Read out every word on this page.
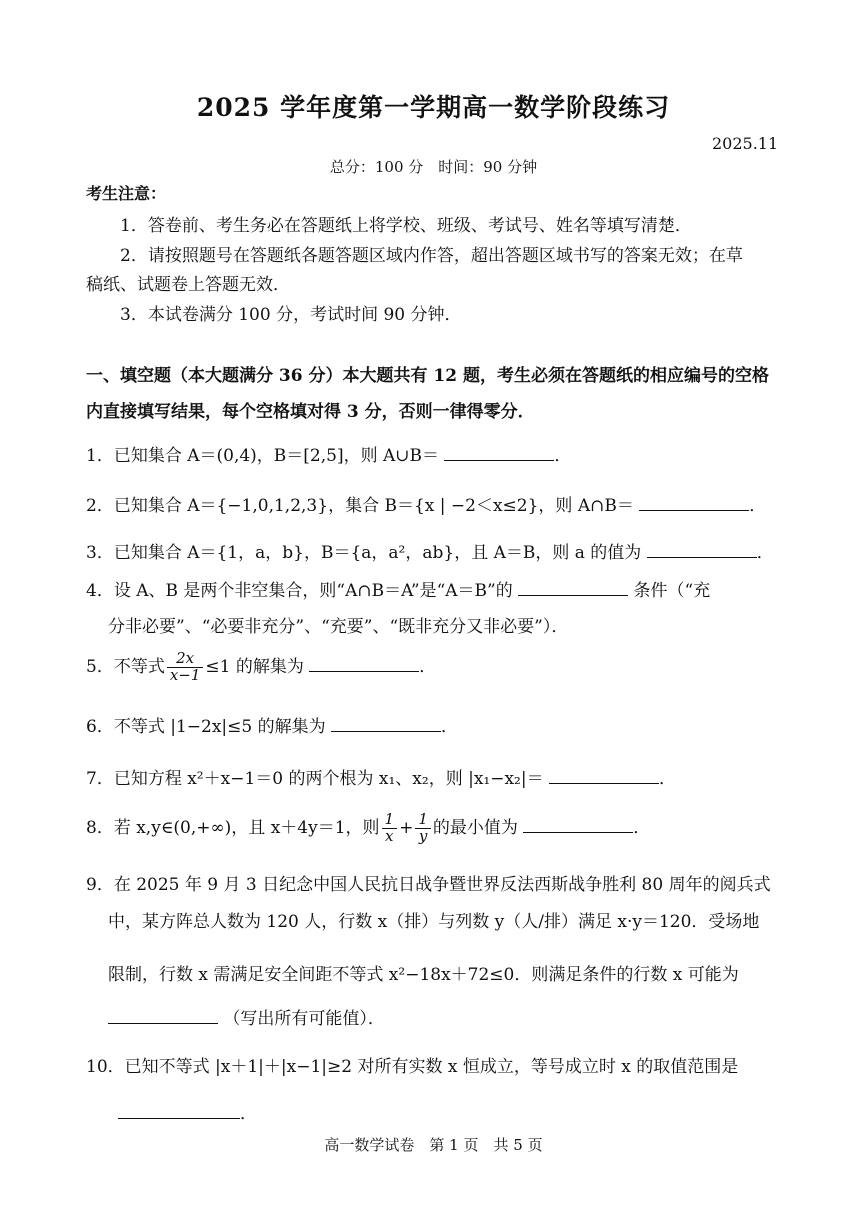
2025 学年度第一学期高一数学阶段练习
2025.11
总分：100 分　时间：90 分钟
考生注意：
1．答卷前、考生务必在答题纸上将学校、班级、考试号、姓名等填写清楚．
2．请按照题号在答题纸各题答题区域内作答，超出答题区域书写的答案无效；在草
稿纸、试题卷上答题无效．
3．本试卷满分 100 分，考试时间 90 分钟．
一、填空题（本大题满分 36 分）本大题共有 12 题，考生必须在答题纸的相应编号的空格
内直接填写结果，每个空格填对得 3 分，否则一律得零分．
1．已知集合 A＝(0,4)，B＝[2,5]，则 A∪B＝	．
2．已知集合 A＝{−1,0,1,2,3}，集合 B＝{x | −2＜x≤2}，则 A∩B＝	．
3．已知集合 A＝{1，a，b}，B＝{a，a²，ab}，且 A＝B，则 a 的值为	．
4．设 A、B 是两个非空集合，则“A∩B＝A”是“A＝B”的	条件（“充
分非必要”、“必要非充分”、“充要”、“既非充分又非必要”）．
5．不等式 $\frac{2x}{x-1} \le 1$ 的解集为	．
6．不等式 |1−2x|≤5 的解集为	．
7．已知方程 x²＋x−1＝0 的两个根为 x₁、x₂，则 |x₁−x₂|＝	．
8．若 x,y∈(0,+∞)，且 x＋4y＝1，则 $\frac{1}{x} + \frac{1}{y}$ 的最小值为	．
9．在 2025 年 9 月 3 日纪念中国人民抗日战争暨世界反法西斯战争胜利 80 周年的阅兵式
中，某方阵总人数为 120 人，行数 x（排）与列数 y（人/排）满足 x·y＝120．受场地
限制，行数 x 需满足安全间距不等式 x²−18x＋72≤0．则满足条件的行数 x 可能为
（写出所有可能值）．
10．已知不等式 |x＋1|＋|x−1|≥2 对所有实数 x 恒成立，等号成立时 x 的取值范围是
．
高一数学试卷　第 1 页　共 5 页
